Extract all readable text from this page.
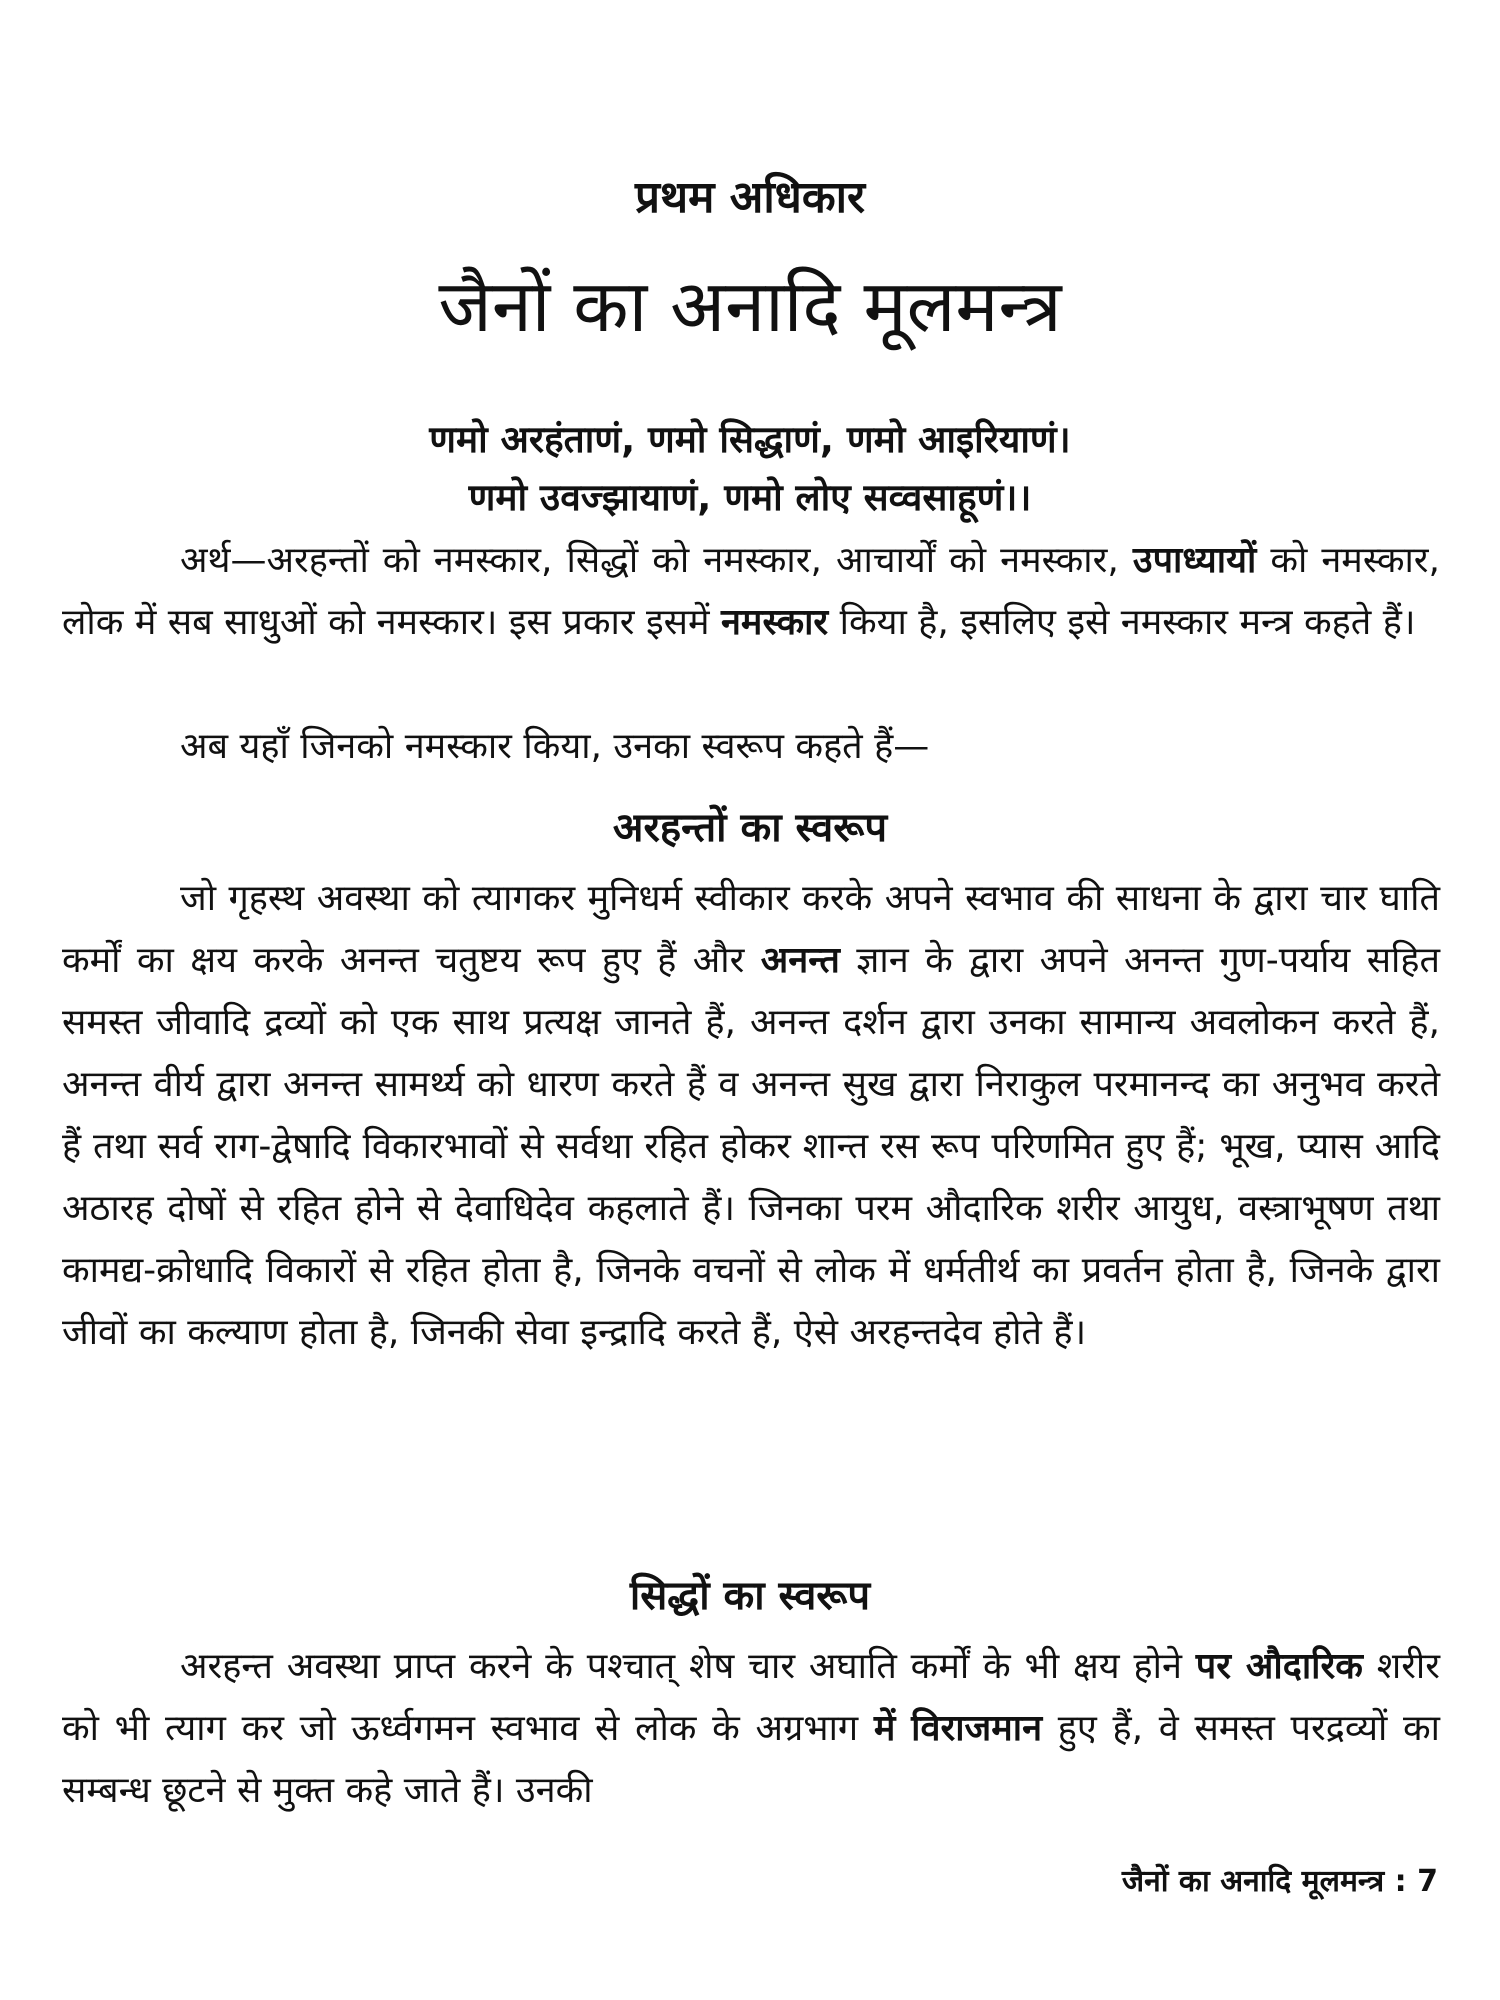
प्रथम अधिकार
जैनों का अनादि मूलमन्त्र
णमो अरहंताणं, णमो सिद्धाणं, णमो आइरियाणं।
णमो उवज्झायाणं, णमो लोए सव्वसाहूणं।।

अर्थ—अरहन्तों को नमस्कार, सिद्धों को नमस्कार, आचार्यों को नमस्कार, उपाध्यायों को नमस्कार, लोक में सब साधुओं को नमस्कार। इस प्रकार इसमें नमस्कार किया है, इसलिए इसे नमस्कार मन्त्र कहते हैं।

अब यहाँ जिनको नमस्कार किया, उनका स्वरूप कहते हैं—

अरहन्तों का स्वरूप

जो गृहस्थ अवस्था को त्यागकर मुनिधर्म स्वीकार करके अपने स्वभाव की साधना के द्वारा चार घाति कर्मों का क्षय करके अनन्त चतुष्टय रूप हुए हैं और अनन्त ज्ञान के द्वारा अपने अनन्त गुण-पर्याय सहित समस्त जीवादि द्रव्यों को एक साथ प्रत्यक्ष जानते हैं, अनन्त दर्शन द्वारा उनका सामान्य अवलोकन करते हैं, अनन्त वीर्य द्वारा अनन्त सामर्थ्य को धारण करते हैं व अनन्त सुख द्वारा निराकुल परमानन्द का अनुभव करते हैं तथा सर्व राग-द्वेषादि विकारभावों से सर्वथा रहित होकर शान्त रस रूप परिणमित हुए हैं; भूख, प्यास आदि अठारह दोषों से रहित होने से देवाधिदेव कहलाते हैं। जिनका परम औदारिक शरीर आयुध, वस्त्राभूषण तथा कामद्य-क्रोधादि विकारों से रहित होता है, जिनके वचनों से लोक में धर्मतीर्थ का प्रवर्तन होता है, जिनके द्वारा जीवों का कल्याण होता है, जिनकी सेवा इन्द्रादि करते हैं, ऐसे अरहन्तदेव होते हैं।

सिद्धों का स्वरूप

अरहन्त अवस्था प्राप्त करने के पश्चात् शेष चार अघाति कर्मों के भी क्षय होने पर औदारिक शरीर को भी त्याग कर जो ऊर्ध्वगमन स्वभाव से लोक के अग्रभाग में विराजमान हुए हैं, वे समस्त परद्रव्यों का सम्बन्ध छूटने से मुक्त कहे जाते हैं। उनकी

जैनों का अनादि मूलमन्त्र : 7
